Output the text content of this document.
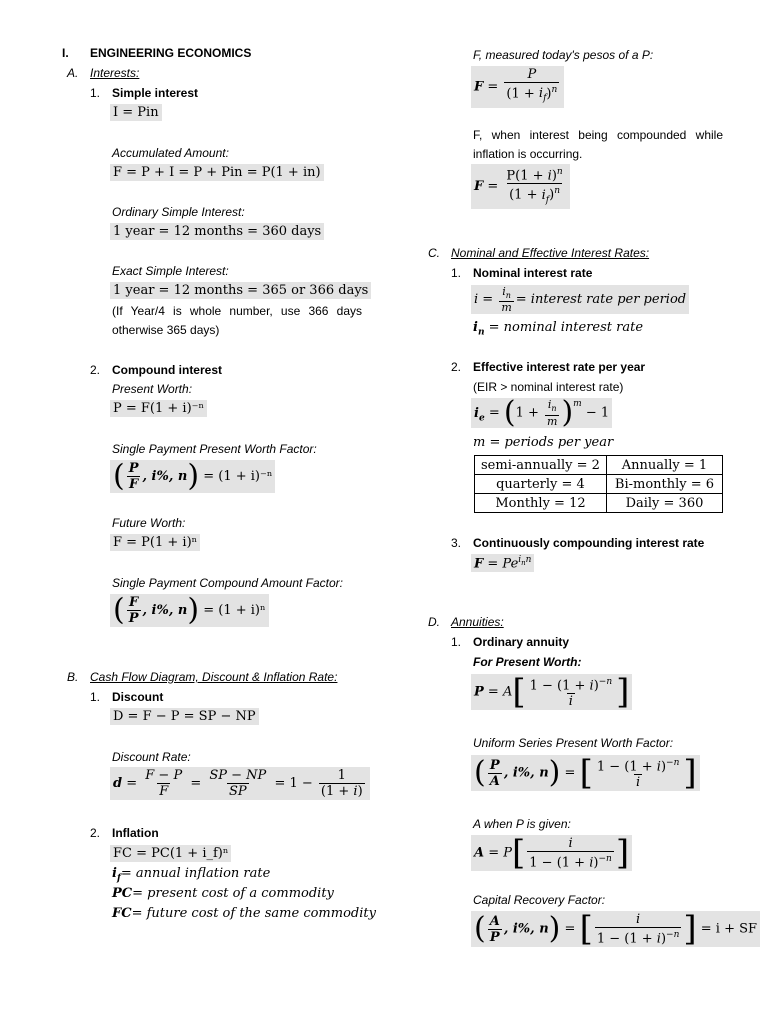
I. ENGINEERING ECONOMICS
A. Interests:
1. Simple interest
I = Pin
Accumulated Amount:
F = P + I = P + Pin = P(1 + in)
Ordinary Simple Interest:
1 year = 12 months = 360 days
Exact Simple Interest:
1 year = 12 months = 365 or 366 days
(If Year/4 is whole number, use 366 days otherwise 365 days)
2. Compound interest
Present Worth:
P = F(1 + i)⁻ⁿ
Single Payment Present Worth Factor:
( $\frac{P}{F}$ , i%, n) = (1 + i)⁻ⁿ
Future Worth:
F = P(1 + i)ⁿ
Single Payment Compound Amount Factor:
( $\frac{F}{P}$ , i%, n) = (1 + i)ⁿ
B. Cash Flow Diagram, Discount & Inflation Rate:
1. Discount
D = F − P = SP − NP
Discount Rate:
$d = \frac{F - P}{F} = \frac{SP - NP}{SP} = 1 - \frac{1}{(1 + i)}$
2. Inflation
FC = PC(1 + i_f)ⁿ
$i_f=$ annual inflation rate
PC= present cost of a commodity
FC= future cost of the same commodity
F, measured today's pesos of a P:
$F = \frac{P}{(1 + i_f)^n}$
F, when interest being compounded while inflation is occurring.
$F = \frac{P(1 + i)^n}{(1 + i_f)^n}$
C. Nominal and Effective Interest Rates:
1. Nominal interest rate
$i = \frac{i_n}{m}$ = interest rate per period
$i_n$ = nominal interest rate
2. Effective interest rate per year
(EIR > nominal interest rate)
$i_e = (1 + \frac{i_n}{m} )^m - 1$
m = periods per year
semi-annually = 2	Annually = 1
quarterly = 4	Bi-monthly = 6
Monthly = 12	Daily = 360
3. Continuously compounding interest rate
$F = Pe^{i_nn}$
D. Annuities:
1. Ordinary annuity
For Present Worth:
$P = A[ \frac{1 - (1 + i)^{-n}}{i}$ ]
Uniform Series Present Worth Factor:
( $\frac{P}{A}$ , i%, n) = [ $\frac{1 - (1 + i)^{-n}}{i}$ ]
A when P is given:
$A = P[ \frac{i}{1 - (1 + i)^{-n}}$ ]
Capital Recovery Factor:
( $\frac{A}{P}$ , i%, n) = [ $\frac{i}{1 - (1 + i)^{-n}}$ ] = i + SF
